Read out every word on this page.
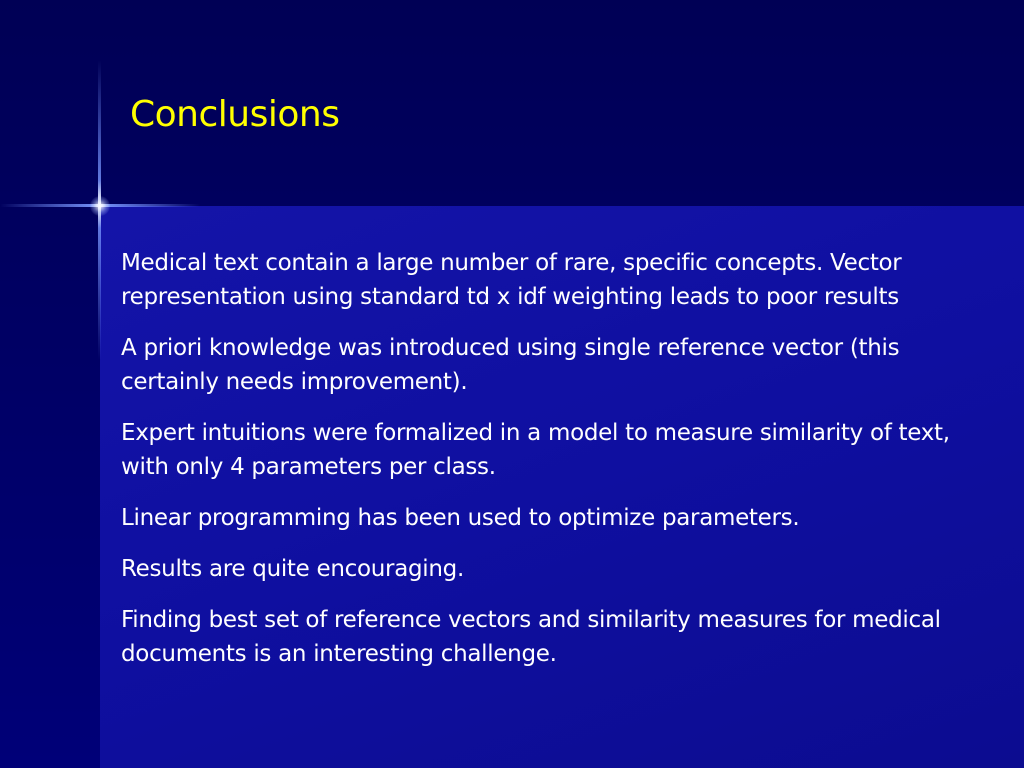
Conclusions

Medical text contain a large number of rare, specific concepts. Vector representation using standard td x idf weighting leads to poor results

A priori knowledge was introduced using single reference vector (this certainly needs improvement).

Expert intuitions were formalized in a model to measure similarity of text, with only 4 parameters per class.

Linear programming has been used to optimize parameters.

Results are quite encouraging.

Finding best set of reference vectors and similarity measures for medical documents is an interesting challenge.
